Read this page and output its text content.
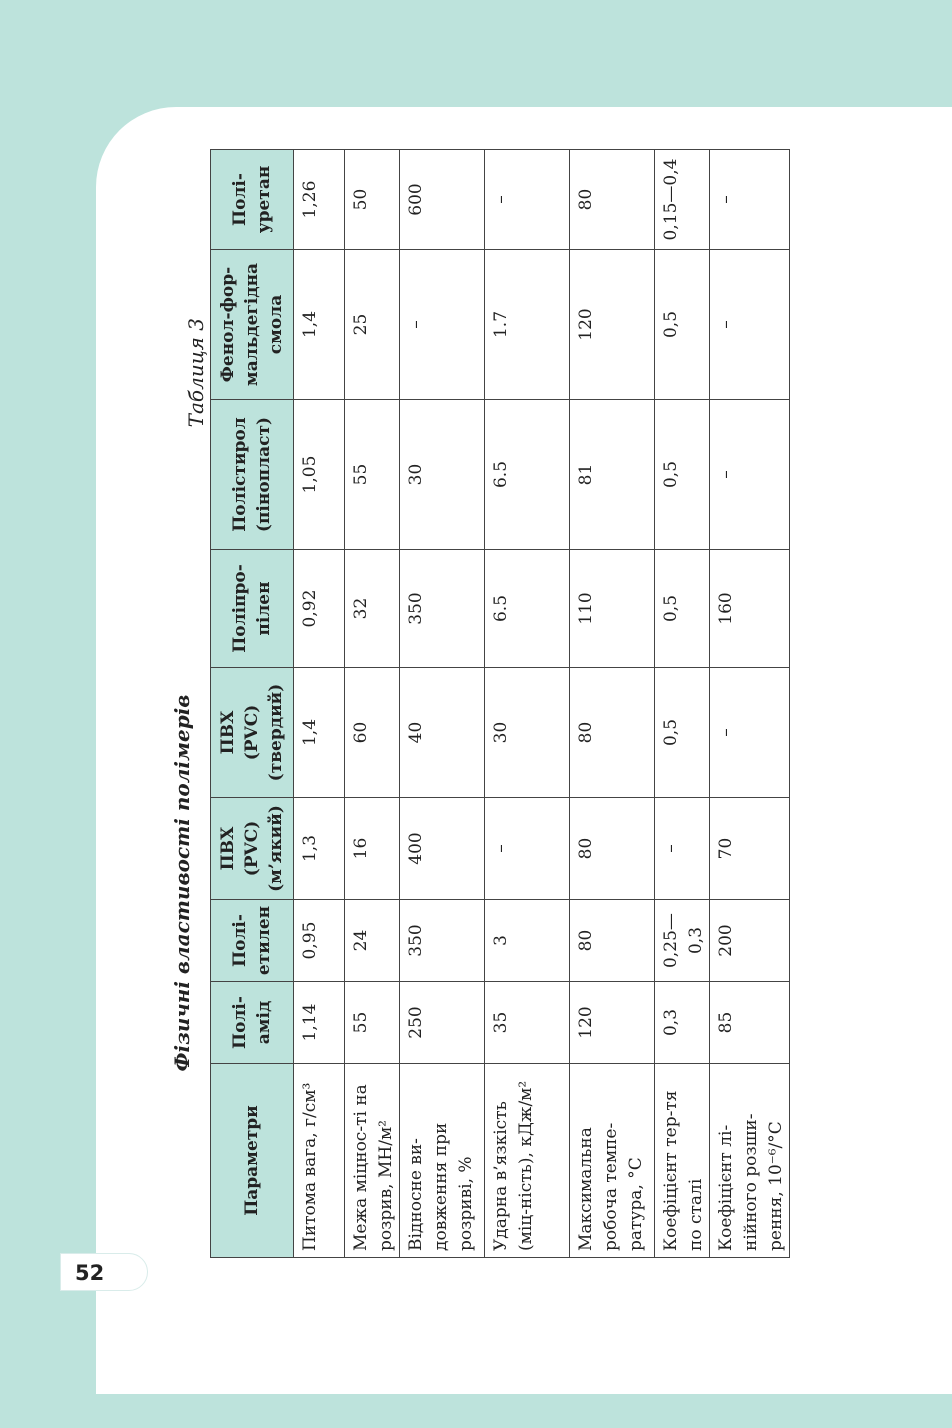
52
Таблиця 3
Фізичні властивості полімерів
Параметри	Полі- амід	Полі- етилен	ПВХ (PVC) (м’який)	ПВХ (PVC) (твердий)	Поліпро- пілен	Полістирол (пінопласт)	Фенол-фор- мальдегідна смола	Полі- уретан
Питома вага, г/см³	1,14	0,95	1,3	1,4	0,92	1,05	1,4	1,26
Межа міцнос-ті на розрив, МН/м²	55	24	16	60	32	55	25	50
Відносне ви-довження при розриві, %	250	350	400	40	350	30	–	600
Ударна в’язкість (міц-ність), кДж/м²	35	3	–	30	6.5	6.5	1.7	–
Максимальна робоча темпе-ратура, °С	120	80	80	80	110	81	120	80
Коефіцієнт тер-тя по сталі	0,3	0,25—0,3	–	0,5	0,5	0,5	0,5	0,15—0,4
Коефіцієнт лі-нійного розши-рення, 10⁻⁶/°С	85	200	70	–	160	–	–	–
